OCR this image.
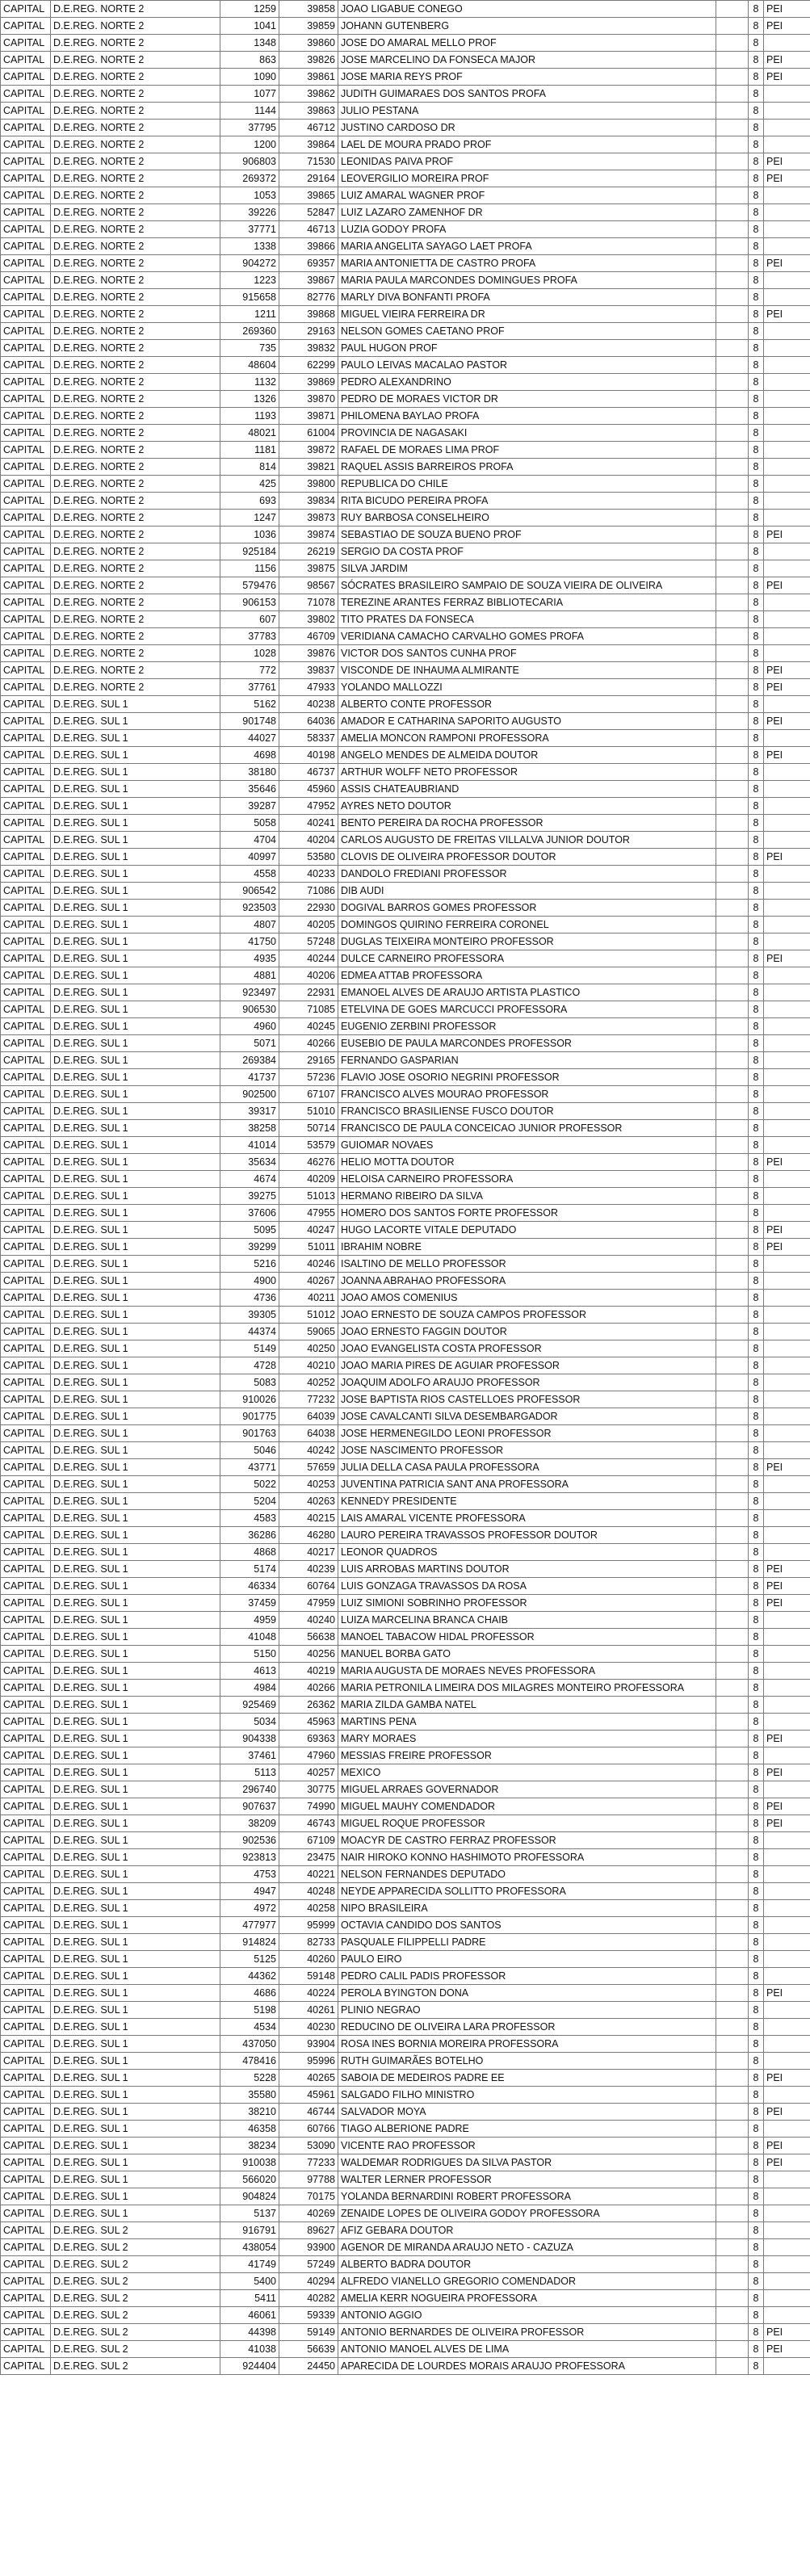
CAPITAL	D.E.REG. NORTE 2	1259	39858	JOAO LIGABUE CONEGO		8	PEI
CAPITAL	D.E.REG. NORTE 2	1041	39859	JOHANN GUTENBERG		8	PEI
CAPITAL	D.E.REG. NORTE 2	1348	39860	JOSE DO AMARAL MELLO PROF		8	
CAPITAL	D.E.REG. NORTE 2	863	39826	JOSE MARCELINO DA FONSECA MAJOR		8	PEI
CAPITAL	D.E.REG. NORTE 2	1090	39861	JOSE MARIA REYS PROF		8	PEI
CAPITAL	D.E.REG. NORTE 2	1077	39862	JUDITH GUIMARAES DOS SANTOS PROFA		8	
CAPITAL	D.E.REG. NORTE 2	1144	39863	JULIO PESTANA		8	
CAPITAL	D.E.REG. NORTE 2	37795	46712	JUSTINO CARDOSO DR		8	
CAPITAL	D.E.REG. NORTE 2	1200	39864	LAEL DE MOURA PRADO PROF		8	
CAPITAL	D.E.REG. NORTE 2	906803	71530	LEONIDAS PAIVA PROF		8	PEI
CAPITAL	D.E.REG. NORTE 2	269372	29164	LEOVERGILIO MOREIRA PROF		8	PEI
CAPITAL	D.E.REG. NORTE 2	1053	39865	LUIZ AMARAL WAGNER PROF		8	
CAPITAL	D.E.REG. NORTE 2	39226	52847	LUIZ LAZARO ZAMENHOF DR		8	
CAPITAL	D.E.REG. NORTE 2	37771	46713	LUZIA GODOY PROFA		8	
CAPITAL	D.E.REG. NORTE 2	1338	39866	MARIA ANGELITA SAYAGO LAET PROFA		8	
CAPITAL	D.E.REG. NORTE 2	904272	69357	MARIA ANTONIETTA DE CASTRO PROFA		8	PEI
CAPITAL	D.E.REG. NORTE 2	1223	39867	MARIA PAULA MARCONDES DOMINGUES PROFA		8	
CAPITAL	D.E.REG. NORTE 2	915658	82776	MARLY DIVA BONFANTI PROFA		8	
CAPITAL	D.E.REG. NORTE 2	1211	39868	MIGUEL VIEIRA FERREIRA DR		8	PEI
CAPITAL	D.E.REG. NORTE 2	269360	29163	NELSON GOMES CAETANO PROF		8	
CAPITAL	D.E.REG. NORTE 2	735	39832	PAUL HUGON PROF		8	
CAPITAL	D.E.REG. NORTE 2	48604	62299	PAULO LEIVAS MACALAO PASTOR		8	
CAPITAL	D.E.REG. NORTE 2	1132	39869	PEDRO ALEXANDRINO		8	
CAPITAL	D.E.REG. NORTE 2	1326	39870	PEDRO DE MORAES VICTOR DR		8	
CAPITAL	D.E.REG. NORTE 2	1193	39871	PHILOMENA BAYLAO PROFA		8	
CAPITAL	D.E.REG. NORTE 2	48021	61004	PROVINCIA DE NAGASAKI		8	
CAPITAL	D.E.REG. NORTE 2	1181	39872	RAFAEL DE MORAES LIMA PROF		8	
CAPITAL	D.E.REG. NORTE 2	814	39821	RAQUEL ASSIS BARREIROS PROFA		8	
CAPITAL	D.E.REG. NORTE 2	425	39800	REPUBLICA DO CHILE		8	
CAPITAL	D.E.REG. NORTE 2	693	39834	RITA BICUDO PEREIRA PROFA		8	
CAPITAL	D.E.REG. NORTE 2	1247	39873	RUY BARBOSA CONSELHEIRO		8	
CAPITAL	D.E.REG. NORTE 2	1036	39874	SEBASTIAO DE SOUZA BUENO PROF		8	PEI
CAPITAL	D.E.REG. NORTE 2	925184	26219	SERGIO DA COSTA PROF		8	
CAPITAL	D.E.REG. NORTE 2	1156	39875	SILVA JARDIM		8	
CAPITAL	D.E.REG. NORTE 2	579476	98567	SÓCRATES BRASILEIRO SAMPAIO DE SOUZA VIEIRA DE OLIVEIRA		8	PEI
CAPITAL	D.E.REG. NORTE 2	906153	71078	TEREZINE ARANTES FERRAZ BIBLIOTECARIA		8	
CAPITAL	D.E.REG. NORTE 2	607	39802	TITO PRATES DA FONSECA		8	
CAPITAL	D.E.REG. NORTE 2	37783	46709	VERIDIANA CAMACHO CARVALHO GOMES PROFA		8	
CAPITAL	D.E.REG. NORTE 2	1028	39876	VICTOR DOS SANTOS CUNHA PROF		8	
CAPITAL	D.E.REG. NORTE 2	772	39837	VISCONDE DE INHAUMA ALMIRANTE		8	PEI
CAPITAL	D.E.REG. NORTE 2	37761	47933	YOLANDO MALLOZZI		8	PEI
CAPITAL	D.E.REG. SUL 1	5162	40238	ALBERTO CONTE PROFESSOR		8	
CAPITAL	D.E.REG. SUL 1	901748	64036	AMADOR E CATHARINA SAPORITO AUGUSTO		8	PEI
CAPITAL	D.E.REG. SUL 1	44027	58337	AMELIA MONCON RAMPONI PROFESSORA		8	
CAPITAL	D.E.REG. SUL 1	4698	40198	ANGELO MENDES DE ALMEIDA DOUTOR		8	PEI
CAPITAL	D.E.REG. SUL 1	38180	46737	ARTHUR WOLFF NETO PROFESSOR		8	
CAPITAL	D.E.REG. SUL 1	35646	45960	ASSIS CHATEAUBRIAND		8	
CAPITAL	D.E.REG. SUL 1	39287	47952	AYRES NETO DOUTOR		8	
CAPITAL	D.E.REG. SUL 1	5058	40241	BENTO PEREIRA DA ROCHA PROFESSOR		8	
CAPITAL	D.E.REG. SUL 1	4704	40204	CARLOS AUGUSTO DE FREITAS VILLALVA JUNIOR DOUTOR		8	
CAPITAL	D.E.REG. SUL 1	40997	53580	CLOVIS DE OLIVEIRA PROFESSOR DOUTOR		8	PEI
CAPITAL	D.E.REG. SUL 1	4558	40233	DANDOLO FREDIANI PROFESSOR		8	
CAPITAL	D.E.REG. SUL 1	906542	71086	DIB AUDI		8	
CAPITAL	D.E.REG. SUL 1	923503	22930	DOGIVAL BARROS GOMES PROFESSOR		8	
CAPITAL	D.E.REG. SUL 1	4807	40205	DOMINGOS QUIRINO FERREIRA CORONEL		8	
CAPITAL	D.E.REG. SUL 1	41750	57248	DUGLAS TEIXEIRA MONTEIRO PROFESSOR		8	
CAPITAL	D.E.REG. SUL 1	4935	40244	DULCE CARNEIRO PROFESSORA		8	PEI
CAPITAL	D.E.REG. SUL 1	4881	40206	EDMEA ATTAB PROFESSORA		8	
CAPITAL	D.E.REG. SUL 1	923497	22931	EMANOEL ALVES DE ARAUJO ARTISTA PLASTICO		8	
CAPITAL	D.E.REG. SUL 1	906530	71085	ETELVINA DE GOES MARCUCCI PROFESSORA		8	
CAPITAL	D.E.REG. SUL 1	4960	40245	EUGENIO ZERBINI PROFESSOR		8	
CAPITAL	D.E.REG. SUL 1	5071	40266	EUSEBIO DE PAULA MARCONDES PROFESSOR		8	
CAPITAL	D.E.REG. SUL 1	269384	29165	FERNANDO GASPARIAN		8	
CAPITAL	D.E.REG. SUL 1	41737	57236	FLAVIO JOSE OSORIO NEGRINI PROFESSOR		8	
CAPITAL	D.E.REG. SUL 1	902500	67107	FRANCISCO ALVES MOURAO PROFESSOR		8	
CAPITAL	D.E.REG. SUL 1	39317	51010	FRANCISCO BRASILIENSE FUSCO DOUTOR		8	
CAPITAL	D.E.REG. SUL 1	38258	50714	FRANCISCO DE PAULA CONCEICAO JUNIOR PROFESSOR		8	
CAPITAL	D.E.REG. SUL 1	41014	53579	GUIOMAR NOVAES		8	
CAPITAL	D.E.REG. SUL 1	35634	46276	HELIO MOTTA DOUTOR		8	PEI
CAPITAL	D.E.REG. SUL 1	4674	40209	HELOISA CARNEIRO PROFESSORA		8	
CAPITAL	D.E.REG. SUL 1	39275	51013	HERMANO RIBEIRO DA SILVA		8	
CAPITAL	D.E.REG. SUL 1	37606	47955	HOMERO DOS SANTOS FORTE PROFESSOR		8	
CAPITAL	D.E.REG. SUL 1	5095	40247	HUGO LACORTE VITALE DEPUTADO		8	PEI
CAPITAL	D.E.REG. SUL 1	39299	51011	IBRAHIM NOBRE		8	PEI
CAPITAL	D.E.REG. SUL 1	5216	40246	ISALTINO DE MELLO PROFESSOR		8	
CAPITAL	D.E.REG. SUL 1	4900	40267	JOANNA ABRAHAO PROFESSORA		8	
CAPITAL	D.E.REG. SUL 1	4736	40211	JOAO AMOS COMENIUS		8	
CAPITAL	D.E.REG. SUL 1	39305	51012	JOAO ERNESTO DE SOUZA CAMPOS PROFESSOR		8	
CAPITAL	D.E.REG. SUL 1	44374	59065	JOAO ERNESTO FAGGIN DOUTOR		8	
CAPITAL	D.E.REG. SUL 1	5149	40250	JOAO EVANGELISTA COSTA PROFESSOR		8	
CAPITAL	D.E.REG. SUL 1	4728	40210	JOAO MARIA PIRES DE AGUIAR PROFESSOR		8	
CAPITAL	D.E.REG. SUL 1	5083	40252	JOAQUIM ADOLFO ARAUJO PROFESSOR		8	
CAPITAL	D.E.REG. SUL 1	910026	77232	JOSE BAPTISTA RIOS CASTELLOES PROFESSOR		8	
CAPITAL	D.E.REG. SUL 1	901775	64039	JOSE CAVALCANTI SILVA DESEMBARGADOR		8	
CAPITAL	D.E.REG. SUL 1	901763	64038	JOSE HERMENEGILDO LEONI PROFESSOR		8	
CAPITAL	D.E.REG. SUL 1	5046	40242	JOSE NASCIMENTO PROFESSOR		8	
CAPITAL	D.E.REG. SUL 1	43771	57659	JULIA DELLA CASA PAULA PROFESSORA		8	PEI
CAPITAL	D.E.REG. SUL 1	5022	40253	JUVENTINA PATRICIA SANT ANA PROFESSORA		8	
CAPITAL	D.E.REG. SUL 1	5204	40263	KENNEDY PRESIDENTE		8	
CAPITAL	D.E.REG. SUL 1	4583	40215	LAIS AMARAL VICENTE PROFESSORA		8	
CAPITAL	D.E.REG. SUL 1	36286	46280	LAURO PEREIRA TRAVASSOS PROFESSOR DOUTOR		8	
CAPITAL	D.E.REG. SUL 1	4868	40217	LEONOR QUADROS		8	
CAPITAL	D.E.REG. SUL 1	5174	40239	LUIS ARROBAS MARTINS DOUTOR		8	PEI
CAPITAL	D.E.REG. SUL 1	46334	60764	LUIS GONZAGA TRAVASSOS DA ROSA		8	PEI
CAPITAL	D.E.REG. SUL 1	37459	47959	LUIZ SIMIONI SOBRINHO PROFESSOR		8	PEI
CAPITAL	D.E.REG. SUL 1	4959	40240	LUIZA MARCELINA BRANCA CHAIB		8	
CAPITAL	D.E.REG. SUL 1	41048	56638	MANOEL TABACOW HIDAL PROFESSOR		8	
CAPITAL	D.E.REG. SUL 1	5150	40256	MANUEL BORBA GATO		8	
CAPITAL	D.E.REG. SUL 1	4613	40219	MARIA AUGUSTA DE MORAES NEVES PROFESSORA		8	
CAPITAL	D.E.REG. SUL 1	4984	40266	MARIA PETRONILA LIMEIRA DOS MILAGRES MONTEIRO PROFESSORA		8	
CAPITAL	D.E.REG. SUL 1	925469	26362	MARIA ZILDA GAMBA NATEL		8	
CAPITAL	D.E.REG. SUL 1	5034	45963	MARTINS PENA		8	
CAPITAL	D.E.REG. SUL 1	904338	69363	MARY MORAES		8	PEI
CAPITAL	D.E.REG. SUL 1	37461	47960	MESSIAS FREIRE PROFESSOR		8	
CAPITAL	D.E.REG. SUL 1	5113	40257	MEXICO		8	PEI
CAPITAL	D.E.REG. SUL 1	296740	30775	MIGUEL ARRAES GOVERNADOR		8	
CAPITAL	D.E.REG. SUL 1	907637	74990	MIGUEL MAUHY COMENDADOR		8	PEI
CAPITAL	D.E.REG. SUL 1	38209	46743	MIGUEL ROQUE PROFESSOR		8	PEI
CAPITAL	D.E.REG. SUL 1	902536	67109	MOACYR DE CASTRO FERRAZ PROFESSOR		8	
CAPITAL	D.E.REG. SUL 1	923813	23475	NAIR HIROKO KONNO HASHIMOTO PROFESSORA		8	
CAPITAL	D.E.REG. SUL 1	4753	40221	NELSON FERNANDES DEPUTADO		8	
CAPITAL	D.E.REG. SUL 1	4947	40248	NEYDE APPARECIDA SOLLITTO PROFESSORA		8	
CAPITAL	D.E.REG. SUL 1	4972	40258	NIPO BRASILEIRA		8	
CAPITAL	D.E.REG. SUL 1	477977	95999	OCTAVIA CANDIDO DOS SANTOS		8	
CAPITAL	D.E.REG. SUL 1	914824	82733	PASQUALE FILIPPELLI PADRE		8	
CAPITAL	D.E.REG. SUL 1	5125	40260	PAULO EIRO		8	
CAPITAL	D.E.REG. SUL 1	44362	59148	PEDRO CALIL PADIS PROFESSOR		8	
CAPITAL	D.E.REG. SUL 1	4686	40224	PEROLA BYINGTON DONA		8	PEI
CAPITAL	D.E.REG. SUL 1	5198	40261	PLINIO NEGRAO		8	
CAPITAL	D.E.REG. SUL 1	4534	40230	REDUCINO DE OLIVEIRA LARA PROFESSOR		8	
CAPITAL	D.E.REG. SUL 1	437050	93904	ROSA INES BORNIA MOREIRA PROFESSORA		8	
CAPITAL	D.E.REG. SUL 1	478416	95996	RUTH GUIMARÃES BOTELHO		8	
CAPITAL	D.E.REG. SUL 1	5228	40265	SABOIA DE MEDEIROS PADRE EE		8	PEI
CAPITAL	D.E.REG. SUL 1	35580	45961	SALGADO FILHO MINISTRO		8	
CAPITAL	D.E.REG. SUL 1	38210	46744	SALVADOR MOYA		8	PEI
CAPITAL	D.E.REG. SUL 1	46358	60766	TIAGO ALBERIONE PADRE		8	
CAPITAL	D.E.REG. SUL 1	38234	53090	VICENTE RAO PROFESSOR		8	PEI
CAPITAL	D.E.REG. SUL 1	910038	77233	WALDEMAR RODRIGUES DA SILVA PASTOR		8	PEI
CAPITAL	D.E.REG. SUL 1	566020	97788	WALTER LERNER PROFESSOR		8	
CAPITAL	D.E.REG. SUL 1	904824	70175	YOLANDA BERNARDINI ROBERT PROFESSORA		8	
CAPITAL	D.E.REG. SUL 1	5137	40269	ZENAIDE LOPES DE OLIVEIRA GODOY PROFESSORA		8	
CAPITAL	D.E.REG. SUL 2	916791	89627	AFIZ GEBARA DOUTOR		8	
CAPITAL	D.E.REG. SUL 2	438054	93900	AGENOR DE MIRANDA ARAUJO NETO - CAZUZA		8	
CAPITAL	D.E.REG. SUL 2	41749	57249	ALBERTO BADRA DOUTOR		8	
CAPITAL	D.E.REG. SUL 2	5400	40294	ALFREDO VIANELLO GREGORIO COMENDADOR		8	
CAPITAL	D.E.REG. SUL 2	5411	40282	AMELIA KERR NOGUEIRA PROFESSORA		8	
CAPITAL	D.E.REG. SUL 2	46061	59339	ANTONIO AGGIO		8	
CAPITAL	D.E.REG. SUL 2	44398	59149	ANTONIO BERNARDES DE OLIVEIRA PROFESSOR		8	PEI
CAPITAL	D.E.REG. SUL 2	41038	56639	ANTONIO MANOEL ALVES DE LIMA		8	PEI
CAPITAL	D.E.REG. SUL 2	924404	24450	APARECIDA DE LOURDES MORAIS ARAUJO PROFESSORA		8	
